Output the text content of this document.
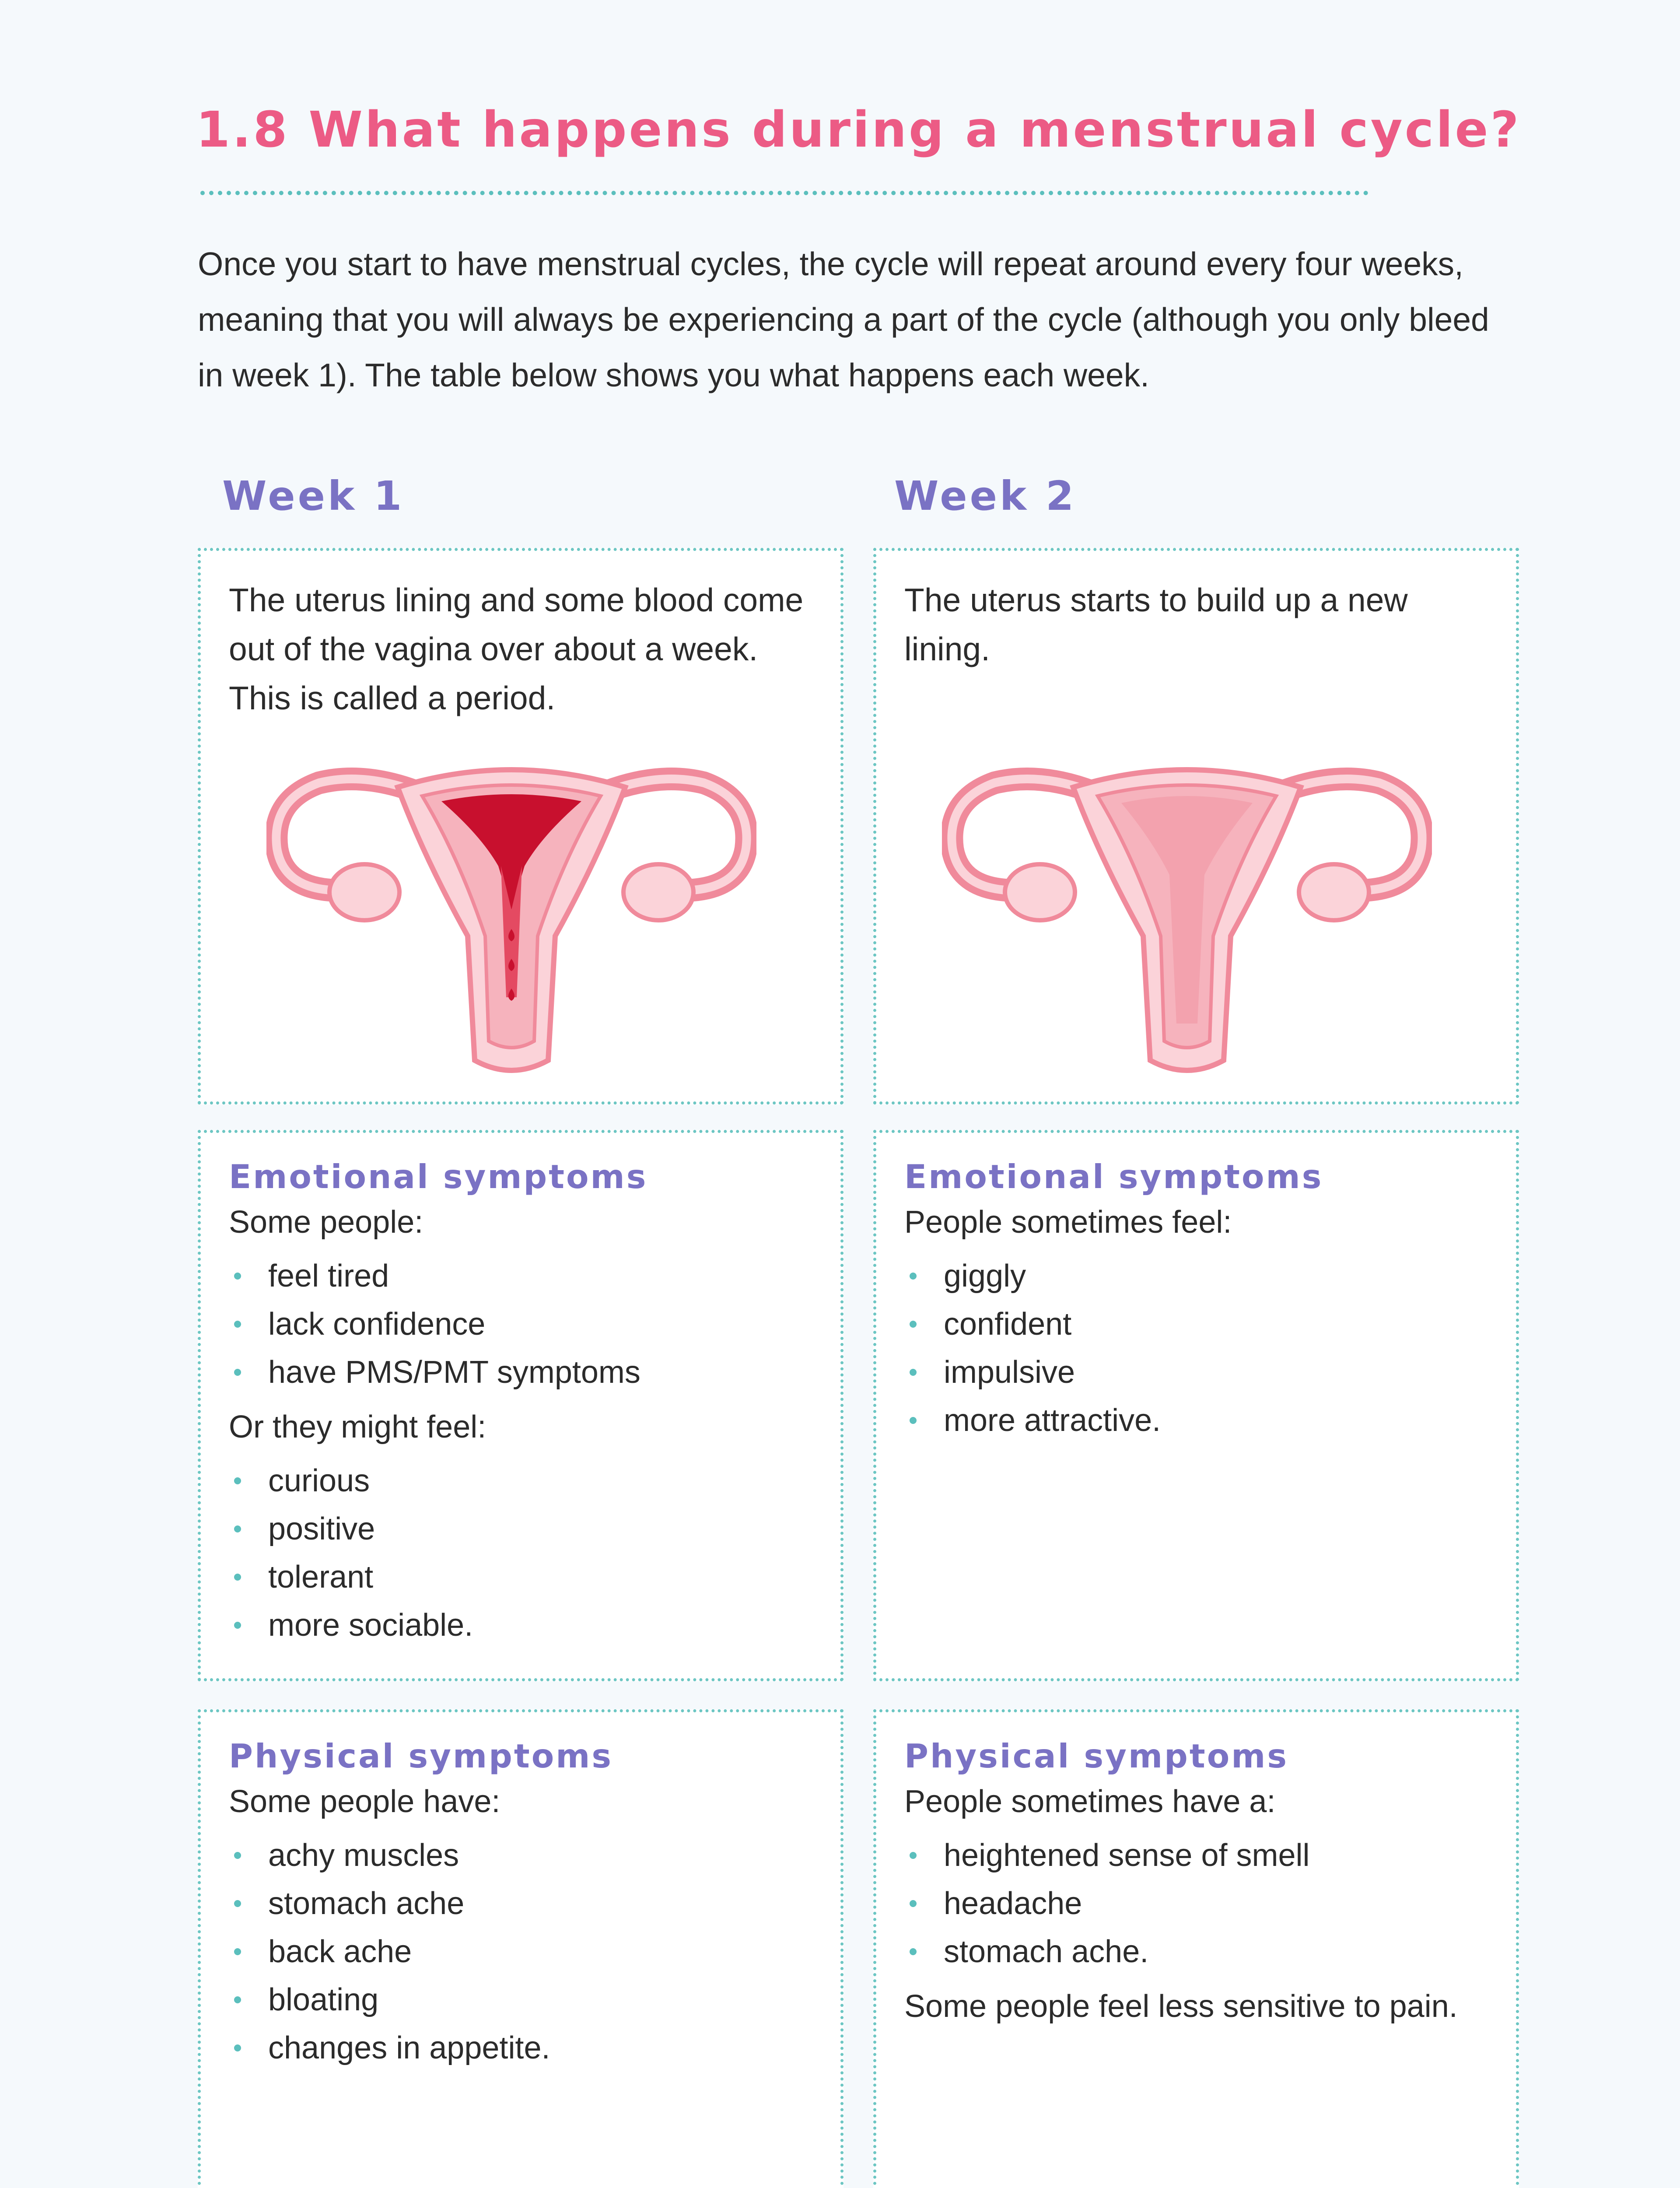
1.8 What happens during a menstrual cycle?

Once you start to have menstrual cycles, the cycle will repeat around every four weeks, meaning that you will always be experiencing a part of the cycle (although you only bleed in week 1). The table below shows you what happens each week.

Week 1	Week 2

The uterus lining and some blood come out of the vagina over about a week. This is called a period.

The uterus starts to build up a new lining.

Emotional symptoms

Some people:

feel tired
lack confidence
have PMS/PMT symptoms

Or they might feel:

curious
positive
tolerant
more sociable.
Emotional symptoms

People sometimes feel:

giggly
confident
impulsive
more attractive.
Physical symptoms

Some people have:

achy muscles
stomach ache
back ache
bloating
changes in appetite.
Physical symptoms

People sometimes have a:

heightened sense of smell
headache
stomach ache.

Some people feel less sensitive to pain.
